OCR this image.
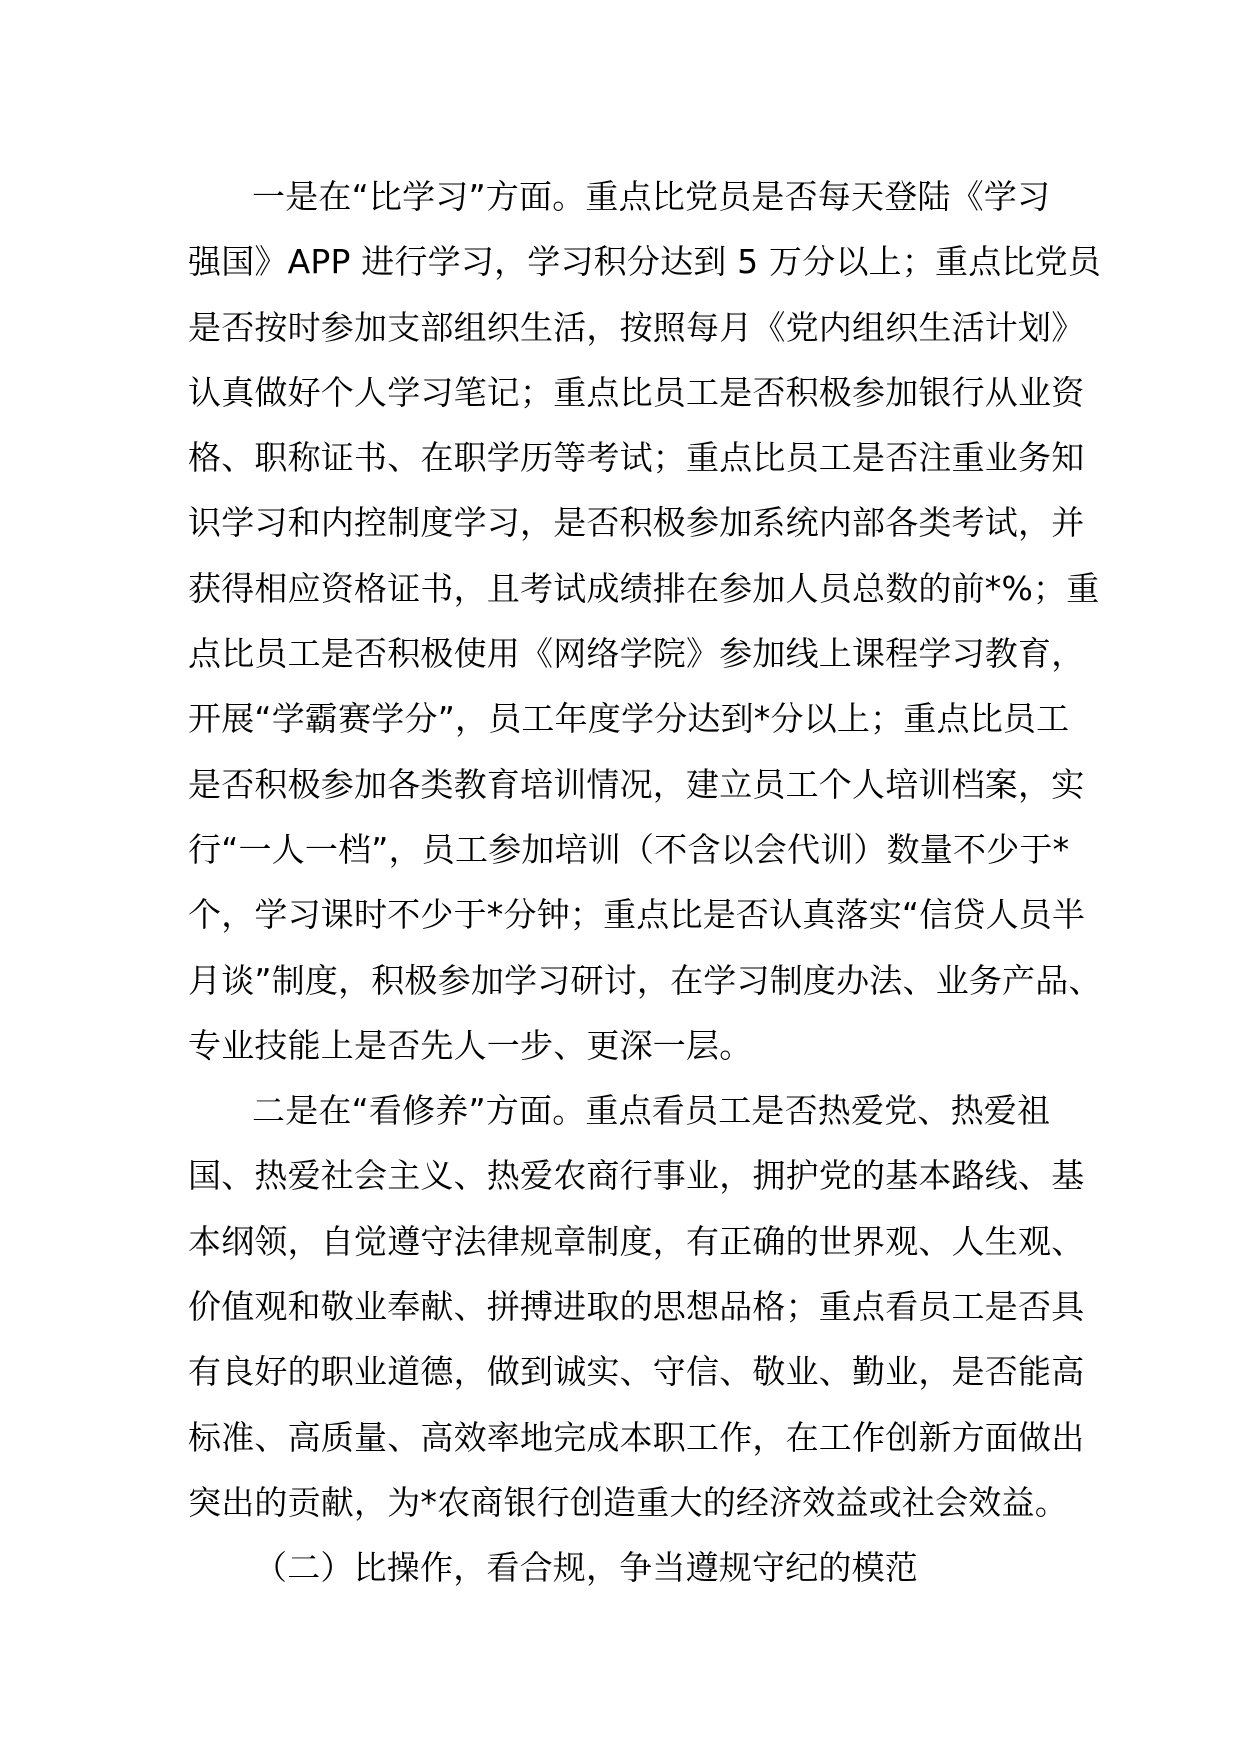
一是在“比学习”方面。重点比党员是否每天登陆《学习
强国》APP 进行学习，学习积分达到 5 万分以上；重点比党员
是否按时参加支部组织生活，按照每月《党内组织生活计划》
认真做好个人学习笔记；重点比员工是否积极参加银行从业资
格、职称证书、在职学历等考试；重点比员工是否注重业务知
识学习和内控制度学习，是否积极参加系统内部各类考试，并
获得相应资格证书，且考试成绩排在参加人员总数的前*%；重
点比员工是否积极使用《网络学院》参加线上课程学习教育，
开展“学霸赛学分”，员工年度学分达到*分以上；重点比员工
是否积极参加各类教育培训情况，建立员工个人培训档案，实
行“一人一档”，员工参加培训（不含以会代训）数量不少于*
个，学习课时不少于*分钟；重点比是否认真落实“信贷人员半
月谈”制度，积极参加学习研讨，在学习制度办法、业务产品、
专业技能上是否先人一步、更深一层。
二是在“看修养”方面。重点看员工是否热爱党、热爱祖
国、热爱社会主义、热爱农商行事业，拥护党的基本路线、基
本纲领，自觉遵守法律规章制度，有正确的世界观、人生观、
价值观和敬业奉献、拼搏进取的思想品格；重点看员工是否具
有良好的职业道德，做到诚实、守信、敬业、勤业，是否能高
标准、高质量、高效率地完成本职工作，在工作创新方面做出
突出的贡献，为*农商银行创造重大的经济效益或社会效益。
（二）比操作，看合规，争当遵规守纪的模范
